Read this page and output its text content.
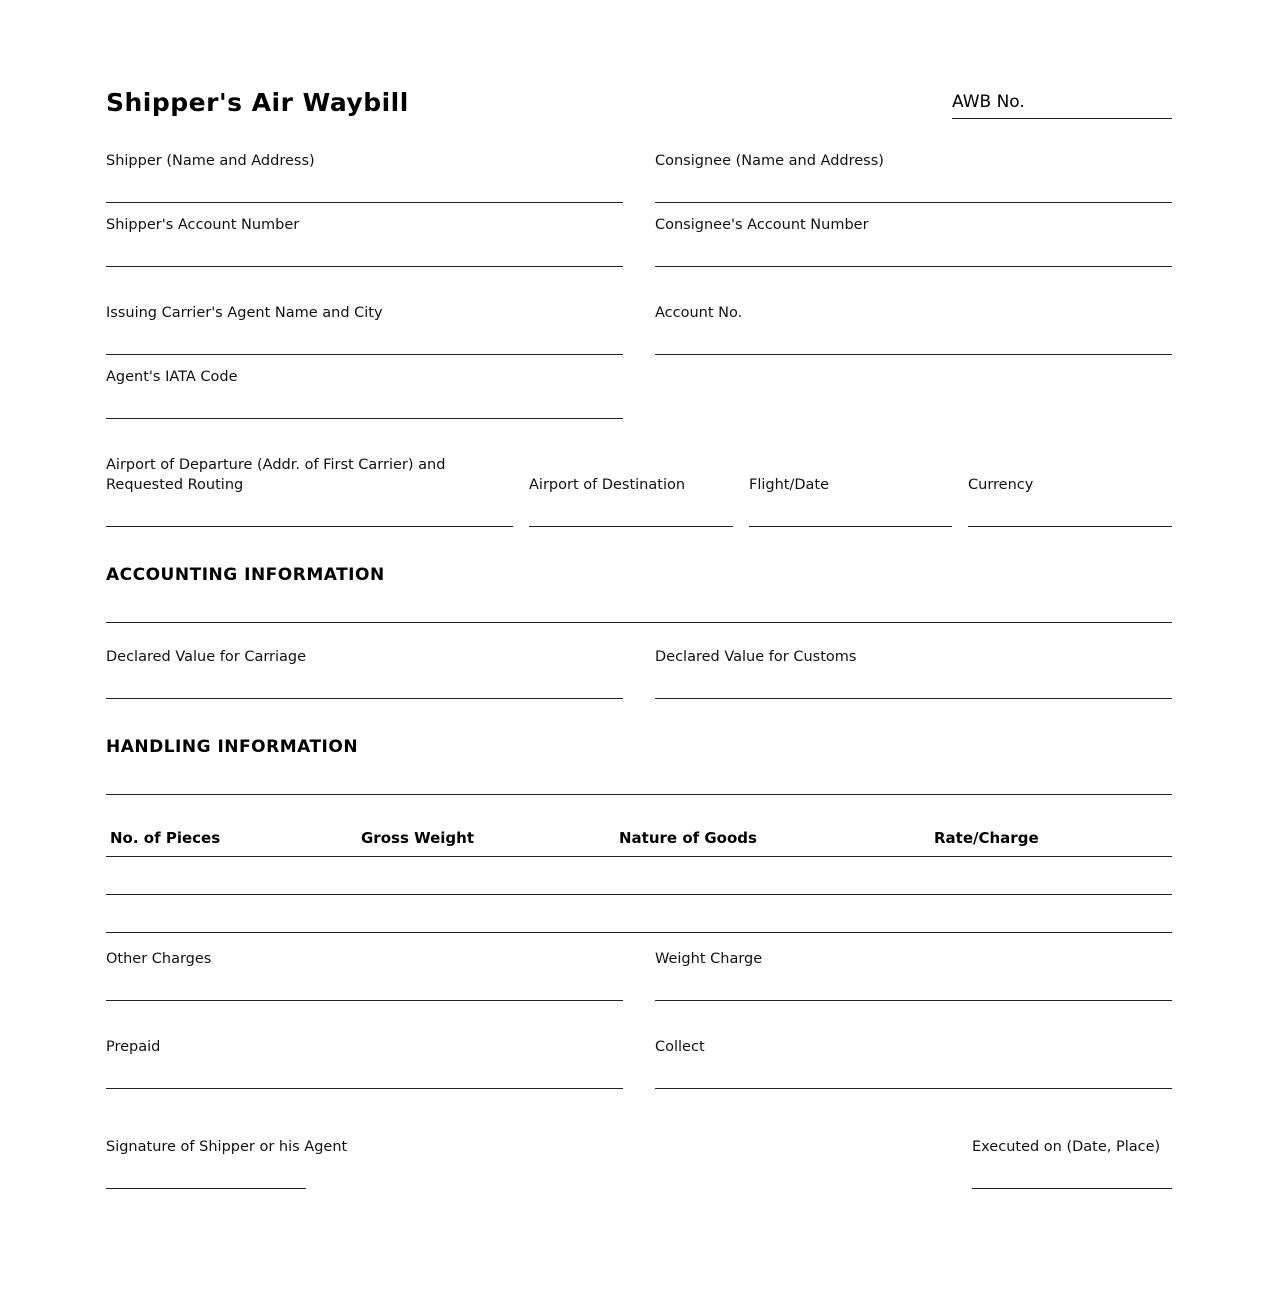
Shipper's Air Waybill	AWB No.
Shipper (Name and Address)	Consignee (Name and Address)
Shipper's Account Number	Consignee's Account Number
Issuing Carrier's Agent Name and City	Account No.
Agent's IATA Code
Airport of Departure (Addr. of First Carrier) and
Requested Routing	Airport of Destination	Flight/Date	Currency
ACCOUNTING INFORMATION
Declared Value for Carriage	Declared Value for Customs
HANDLING INFORMATION
No. of Pieces	Gross Weight	Nature of Goods	Rate/Charge
Other Charges	Weight Charge
Prepaid	Collect
Signature of Shipper or his Agent	Executed on (Date, Place)
